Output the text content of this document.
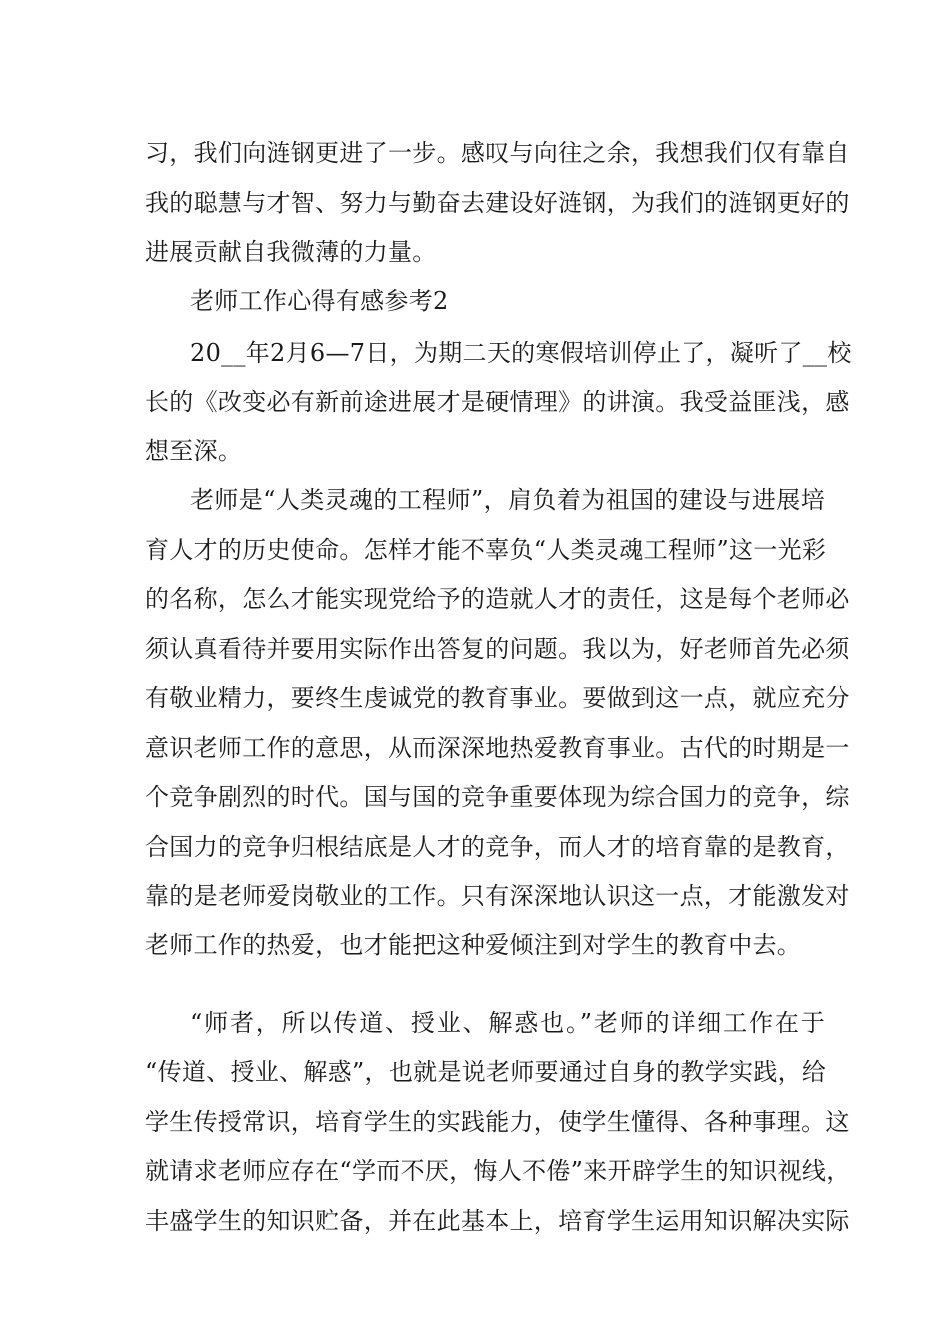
习，我们向涟钢更进了一步。感叹与向往之余，我想我们仅有靠自
我的聪慧与才智、努力与勤奋去建设好涟钢，为我们的涟钢更好的
进展贡献自我微薄的力量。
老师工作心得有感参考2
20__年2月6—7日，为期二天的寒假培训停止了，凝听了__校
长的《改变必有新前途进展才是硬情理》的讲演。我受益匪浅，感
想至深。
老师是“人类灵魂的工程师”，肩负着为祖国的建设与进展培
育人才的历史使命。怎样才能不辜负“人类灵魂工程师”这一光彩
的名称，怎么才能实现党给予的造就人才的责任，这是每个老师必
须认真看待并要用实际作出答复的问题。我以为，好老师首先必须
有敬业精力，要终生虔诚党的教育事业。要做到这一点，就应充分
意识老师工作的意思，从而深深地热爱教育事业。古代的时期是一
个竞争剧烈的时代。国与国的竞争重要体现为综合国力的竞争，综
合国力的竞争归根结底是人才的竞争，而人才的培育靠的是教育，
靠的是老师爱岗敬业的工作。只有深深地认识这一点，才能激发对
老师工作的热爱，也才能把这种爱倾注到对学生的教育中去。
“师者，所以传道、授业、解惑也。”老师的详细工作在于
“传道、授业、解惑”，也就是说老师要通过自身的教学实践，给
学生传授常识，培育学生的实践能力，使学生懂得、各种事理。这
就请求老师应存在“学而不厌，悔人不倦”来开辟学生的知识视线，
丰盛学生的知识贮备，并在此基本上，培育学生运用知识解决实际
